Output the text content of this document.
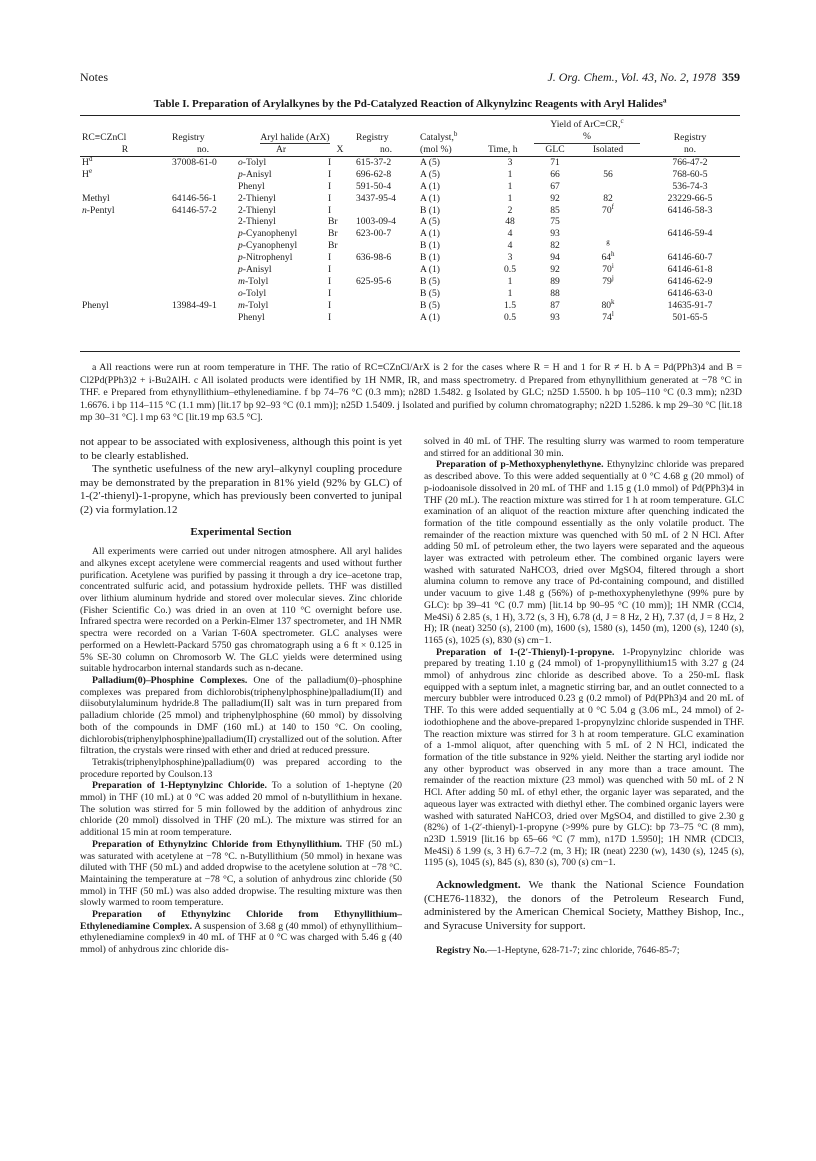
Notes	J. Org. Chem., Vol. 43, No. 2, 1978 359
Table I. Preparation of Arylalkynes by the Pd-Catalyzed Reaction of Alkynylzinc Reagents with Aryl Halides$^a$
							Yield of ArC≡CR,$^c$	
RC≡CZnCl	Registry	Aryl halide (ArX)		Registry	Catalyst,$^b$		%		Registry
R	no.	Ar	X	no.	(mol %)	Time, h	GLC	Isolated	no.
$H^d$	37008-61-0	o-Tolyl	I	615-37-2	A (5)	3	71		766-47-2
$H^e$		p-Anisyl	I	696-62-8	A (5)	1	66	56	768-60-5
		Phenyl	I	591-50-4	A (1)	1	67		536-74-3
Methyl	64146-56-1	2-Thienyl	I	3437-95-4	A (1)	1	92	82	23229-66-5
n-Pentyl	64146-57-2	2-Thienyl	I		B (1)	2	85	70$^f$	64146-58-3
		2-Thienyl	Br	1003-09-4	A (5)	48	75		
		p-Cyanophenyl	Br	623-00-7	A (1)	4	93		64146-59-4
		p-Cyanophenyl	Br		B (1)	4	82	$^g$	
		p-Nitrophenyl	I	636-98-6	B (1)	3	94	64$^h$	64146-60-7
		p-Anisyl	I		A (1)	0.5	92	70$^i$	64146-61-8
		m-Tolyl	I	625-95-6	B (5)	1	89	79$^j$	64146-62-9
		o-Tolyl	I		B (5)	1	88		64146-63-0
Phenyl	13984-49-1	m-Tolyl	I		B (5)	1.5	87	80$^k$	14635-91-7
		Phenyl	I		A (1)	0.5	93	74$^l$	501-65-5
a All reactions were run at room temperature in THF. The ratio of RC≡CZnCl/ArX is 2 for the cases where R = H and 1 for R ≠ H. b A = Pd(PPh3)4 and B = Cl2Pd(PPh3)2 + i-Bu2AlH. c All isolated products were identified by 1H NMR, IR, and mass spectrometry. d Prepared from ethynyllithium generated at −78 °C in THF. e Prepared from ethynyllithium–ethylenediamine. f bp 74–76 °C (0.3 mm); n28D 1.5482. g Isolated by GLC; n25D 1.5500. h bp 105–110 °C (0.3 mm); n23D 1.6676. i bp 114–115 °C (1.1 mm) [lit.17 bp 92–93 °C (0.1 mm)]; n25D 1.5409. j Isolated and purified by column chromatography; n22D 1.5286. k mp 29–30 °C [lit.18 mp 30–31 °C]. l mp 63 °C [lit.19 mp 63.5 °C].

not appear to be associated with explosiveness, although this point is yet to be clearly established.

The synthetic usefulness of the new aryl–alkynyl coupling procedure may be demonstrated by the preparation in 81% yield (92% by GLC) of 1-(2′-thienyl)-1-propyne, which has previously been converted to junipal (2) via formylation.12

Experimental Section

All experiments were carried out under nitrogen atmosphere. All aryl halides and alkynes except acetylene were commercial reagents and used without further purification. Acetylene was purified by passing it through a dry ice–acetone trap, concentrated sulfuric acid, and potassium hydroxide pellets. THF was distilled over lithium aluminum hydride and stored over molecular sieves. Zinc chloride (Fisher Scientific Co.) was dried in an oven at 110 °C overnight before use. Infrared spectra were recorded on a Perkin-Elmer 137 spectrometer, and 1H NMR spectra were recorded on a Varian T-60A spectrometer. GLC analyses were performed on a Hewlett-Packard 5750 gas chromatograph using a 6 ft × 0.125 in 5% SE-30 column on Chromosorb W. The GLC yields were determined using suitable hydrocarbon internal standards such as n-decane.

Palladium(0)–Phosphine Complexes. One of the palladium(0)–phosphine complexes was prepared from dichlorobis(triphenylphosphine)palladium(II) and diisobutylaluminum hydride.8 The palladium(II) salt was in turn prepared from palladium chloride (25 mmol) and triphenylphosphine (60 mmol) by dissolving both of the compounds in DMF (160 mL) at 140 to 150 °C. On cooling, dichlorobis(triphenylphosphine)palladium(II) crystallized out of the solution. After filtration, the crystals were rinsed with ether and dried at reduced pressure.

Tetrakis(triphenylphosphine)palladium(0) was prepared according to the procedure reported by Coulson.13

Preparation of 1-Heptynylzinc Chloride. To a solution of 1-heptyne (20 mmol) in THF (10 mL) at 0 °C was added 20 mmol of n-butyllithium in hexane. The solution was stirred for 5 min followed by the addition of anhydrous zinc chloride (20 mmol) dissolved in THF (20 mL). The mixture was stirred for an additional 15 min at room temperature.

Preparation of Ethynylzinc Chloride from Ethynyllithium. THF (50 mL) was saturated with acetylene at −78 °C. n-Butyllithium (50 mmol) in hexane was diluted with THF (50 mL) and added dropwise to the acetylene solution at −78 °C. Maintaining the temperature at −78 °C, a solution of anhydrous zinc chloride (50 mmol) in THF (50 mL) was also added dropwise. The resulting mixture was then slowly warmed to room temperature.

Preparation of Ethynylzinc Chloride from Ethynyllithium–Ethylenediamine Complex. A suspension of 3.68 g (40 mmol) of ethynyllithium–ethylenediamine complex9 in 40 mL of THF at 0 °C was charged with 5.46 g (40 mmol) of anhydrous zinc chloride dis-

solved in 40 mL of THF. The resulting slurry was warmed to room temperature and stirred for an additional 30 min.

Preparation of p-Methoxyphenylethyne. Ethynylzinc chloride was prepared as described above. To this were added sequentially at 0 °C 4.68 g (20 mmol) of p-iodoanisole dissolved in 20 mL of THF and 1.15 g (1.0 mmol) of Pd(PPh3)4 in THF (20 mL). The reaction mixture was stirred for 1 h at room temperature. GLC examination of an aliquot of the reaction mixture after quenching indicated the formation of the title compound essentially as the only volatile product. The remainder of the reaction mixture was quenched with 50 mL of 2 N HCl. After adding 50 mL of petroleum ether, the two layers were separated and the aqueous layer was extracted with petroleum ether. The combined organic layers were washed with saturated NaHCO3, dried over MgSO4, filtered through a short alumina column to remove any trace of Pd-containing compound, and distilled under vacuum to give 1.48 g (56%) of p-methoxyphenylethyne (99% pure by GLC): bp 39–41 °C (0.7 mm) [lit.14 bp 90–95 °C (10 mm)]; 1H NMR (CCl4, Me4Si) δ 2.85 (s, 1 H), 3.72 (s, 3 H), 6.78 (d, J = 8 Hz, 2 H), 7.37 (d, J = 8 Hz, 2 H); IR (neat) 3250 (s), 2100 (m), 1600 (s), 1580 (s), 1450 (m), 1200 (s), 1240 (s), 1165 (s), 1025 (s), 830 (s) cm−1.

Preparation of 1-(2′-Thienyl)-1-propyne. 1-Propynylzinc chloride was prepared by treating 1.10 g (24 mmol) of 1-propynyllithium15 with 3.27 g (24 mmol) of anhydrous zinc chloride as described above. To a 250-mL flask equipped with a septum inlet, a magnetic stirring bar, and an outlet connected to a mercury bubbler were introduced 0.23 g (0.2 mmol) of Pd(PPh3)4 and 20 mL of THF. To this were added sequentially at 0 °C 5.04 g (3.06 mL, 24 mmol) of 2-iodothiophene and the above-prepared 1-propynylzinc chloride suspended in THF. The reaction mixture was stirred for 3 h at room temperature. GLC examination of a 1-mmol aliquot, after quenching with 5 mL of 2 N HCl, indicated the formation of the title substance in 92% yield. Neither the starting aryl iodide nor any other byproduct was observed in any more than a trace amount. The remainder of the reaction mixture (23 mmol) was quenched with 50 mL of 2 N HCl. After adding 50 mL of ethyl ether, the organic layer was separated, and the aqueous layer was extracted with diethyl ether. The combined organic layers were washed with saturated NaHCO3, dried over MgSO4, and distilled to give 2.30 g (82%) of 1-(2′-thienyl)-1-propyne (>99% pure by GLC): bp 73–75 °C (8 mm), n23D 1.5919 [lit.16 bp 65–66 °C (7 mm), n17D 1.5950]; 1H NMR (CDCl3, Me4Si) δ 1.99 (s, 3 H) 6.7–7.2 (m, 3 H); IR (neat) 2230 (w), 1430 (s), 1245 (s), 1195 (s), 1045 (s), 845 (s), 830 (s), 700 (s) cm−1.

Acknowledgment. We thank the National Science Foundation (CHE76-11832), the donors of the Petroleum Research Fund, administered by the American Chemical Society, Matthey Bishop, Inc., and Syracuse University for support.

Registry No.—1-Heptyne, 628-71-7; zinc chloride, 7646-85-7;
